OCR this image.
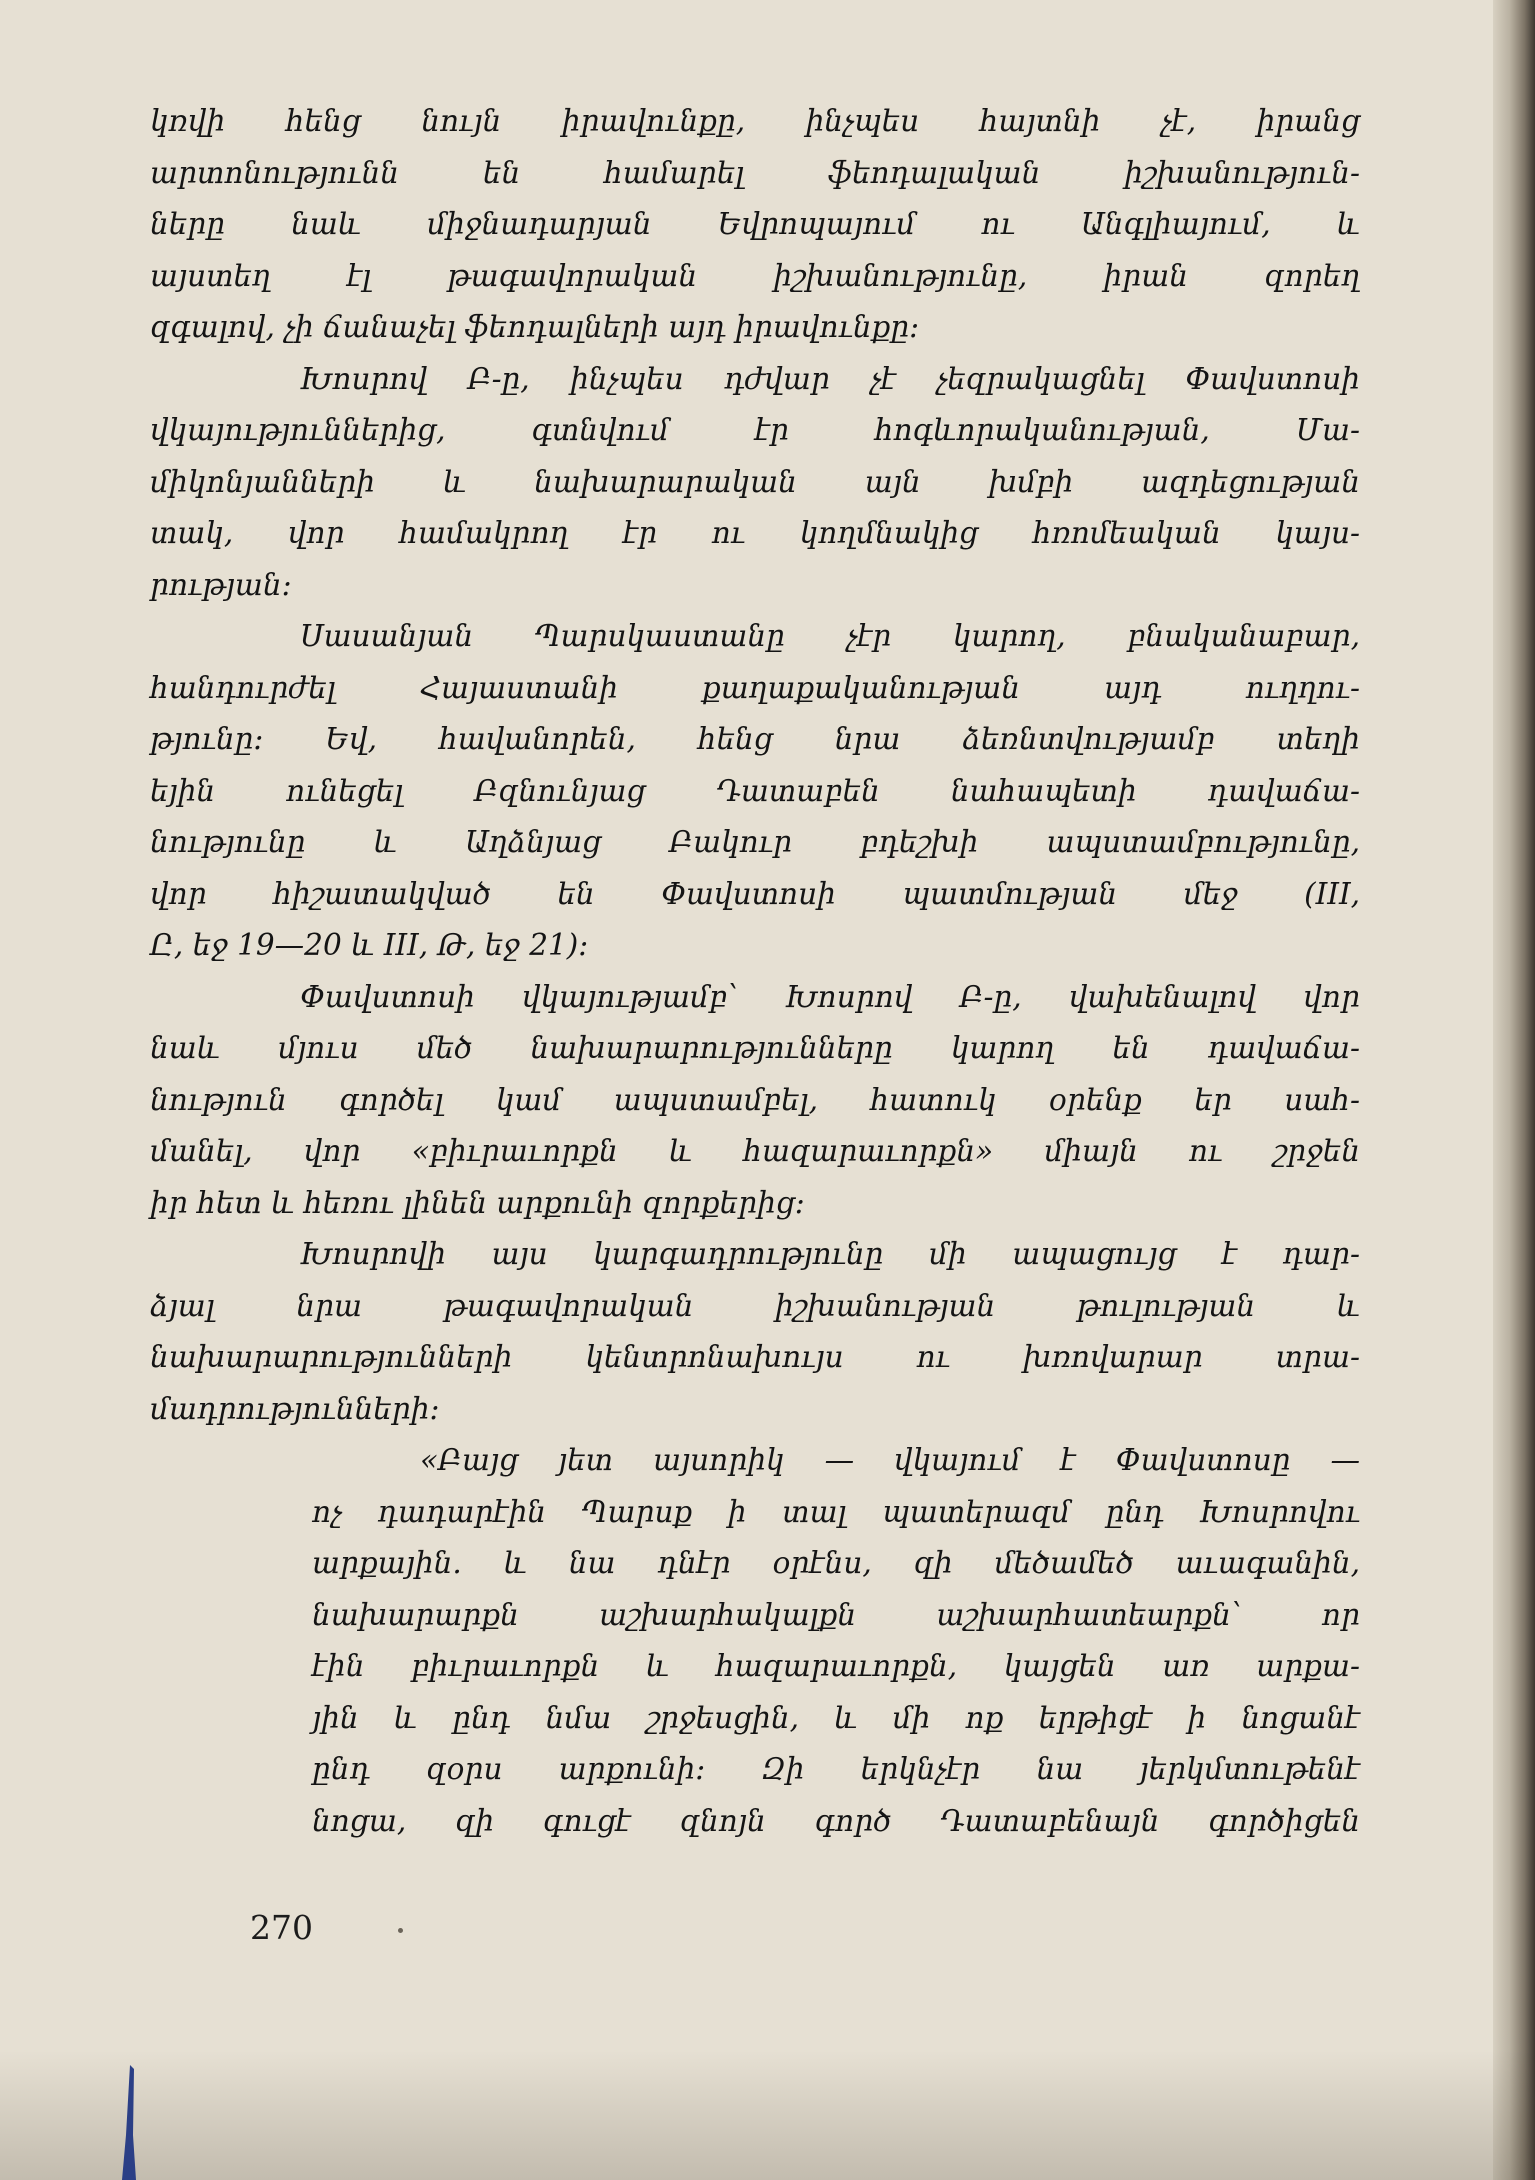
կռվի հենց նույն իրավունքը, ինչպես հայտնի չէ, իրանց
արտոնությունն են համարել ֆեոդալական իշխանություն-
ները նաև միջնադարյան Եվրոպայում ու Անգլիայում, և
այստեղ էլ թագավորական իշխանությունը, իրան զորեղ
զգալով, չի ճանաչել ֆեոդալների այդ իրավունքը։
Խոսրով Բ-ը, ինչպես դժվար չէ չեզրակացնել Փավստոսի
վկայություններից, գտնվում էր հոգևորականության, Մա-
միկոնյանների և նախարարական այն խմբի ազդեցության
տակ, վոր համակրող էր ու կողմնակից հռոմեական կայս-
րության։
Սասանյան Պարսկաստանը չէր կարող, բնականաբար,
հանդուրժել Հայաստանի քաղաքականության այդ ուղղու-
թյունը։ Եվ, հավանորեն, հենց նրա ձեռնտվությամբ տեղի
եյին ունեցել Բզնունյաց Դատաբեն նահապետի դավաճա-
նությունը և Աղձնյաց Բակուր բդեշխի ապստամբությունը,
վոր հիշատակված են Փավստոսի պատմության մեջ (III,
Ը, եջ 19—20 և III, Թ, եջ 21)։
Փավստոսի վկայությամբ՝ Խոսրով Բ-ը, վախենալով վոր
նաև մյուս մեծ նախարարությունները կարող են դավաճա-
նություն գործել կամ ապստամբել, հատուկ օրենք եր սահ-
մանել, վոր «բիւրաւորքն և հազարաւորքն» միայն ու շրջեն
իր հետ և հեռու լինեն արքունի զորքերից։
Խոսրովի այս կարգադրությունը մի ապացույց է դար-
ձյալ նրա թագավորական իշխանության թուլության և
նախարարությունների կենտրոնախույս ու խռովարար տրա-
մադրությունների։
«Բայց յետ այսորիկ — վկայում է Փավստոսը —
ոչ դադարէին Պարսք ի տալ պատերազմ ընդ Խոսրովու
արքային. և նա դնէր օրէնս, զի մեծամեծ աւագանին,
նախարարքն աշխարհակալքն աշխարհատեարքն՝ որ
էին բիւրաւորքն և հազարաւորքն, կայցեն առ արքա-
յին և ընդ նմա շրջեսցին, և մի ոք երթիցէ ի նոցանէ
ընդ զօրս արքունի։ Զի երկնչէր նա յերկմտութենէ
նոցա, զի գուցէ զնոյն գործ Դատաբենայն գործիցեն
270
